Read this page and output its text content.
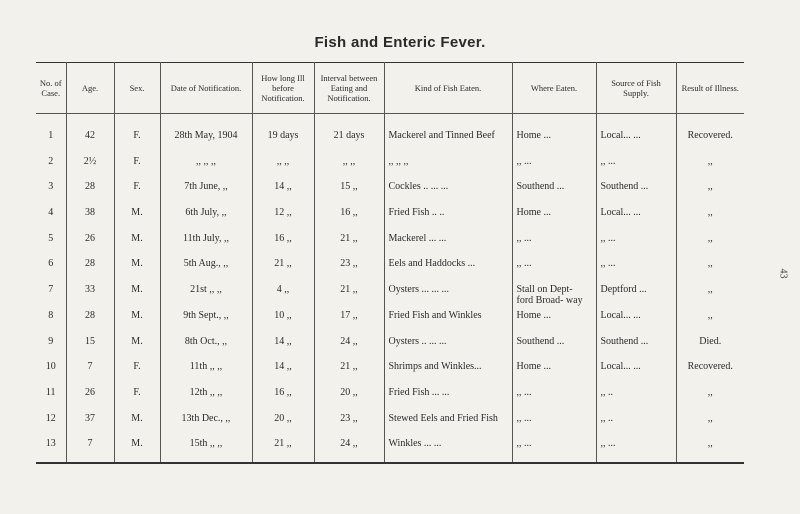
Fish and Enteric Fever.
No. of Case.	Age.	Sex.	Date of Notification.	How long Ill before Notification.	Interval between Eating and Notification.	Kind of Fish Eaten.	Where Eaten.	Source of Fish Supply.	Result of Illness.

1	42	F.	28th May, 1904	19 days	21 days	Mackerel and Tinned Beef	Home ...	Local... ...	Recovered.
2	2½	F.	,, ,, ,,	,, ,,	,, ,,	,, ,, ,,	,, ...	,, ...	,,
3	28	F.	7th June, ,,	14 ,,	15 ,,	Cockles .. ... ...	Southend ...	Southend ...	,,
4	38	M.	6th July, ,,	12 ,,	16 ,,	Fried Fish .. ..	Home ...	Local... ...	,,
5	26	M.	11th July, ,,	16 ,,	21 ,,	Mackerel ... ...	,, ...	,, ...	,,
6	28	M.	5th Aug., ,,	21 ,,	23 ,,	Eels and Haddocks ...	,, ...	,, ...	,,
7	33	M.	21st ,, ,,	4 ,,	21 ,,	Oysters ... ... ...	Stall on Dept- ford Broad- way	Deptford ...	,,
8	28	M.	9th Sept., ,,	10 ,,	17 ,,	Fried Fish and Winkles	Home ...	Local... ...	,,
9	15	M.	8th Oct., ,,	14 ,,	24 ,,	Oysters .. ... ...	Southend ...	Southend ...	Died.
10	7	F.	11th ,, ,,	14 ,,	21 ,,	Shrimps and Winkles...	Home ...	Local... ...	Recovered.
11	26	F.	12th ,, ,,	16 ,,	20 ,,	Fried Fish ... ...	,, ...	,, ..	,,
12	37	M.	13th Dec., ,,	20 ,,	23 ,,	Stewed Eels and Fried Fish	,, ...	,, ..	,,
13	7	M.	15th ,, ,,	21 ,,	24 ,,	Winkles ... ...	,, ...	,, ...	,,
43
